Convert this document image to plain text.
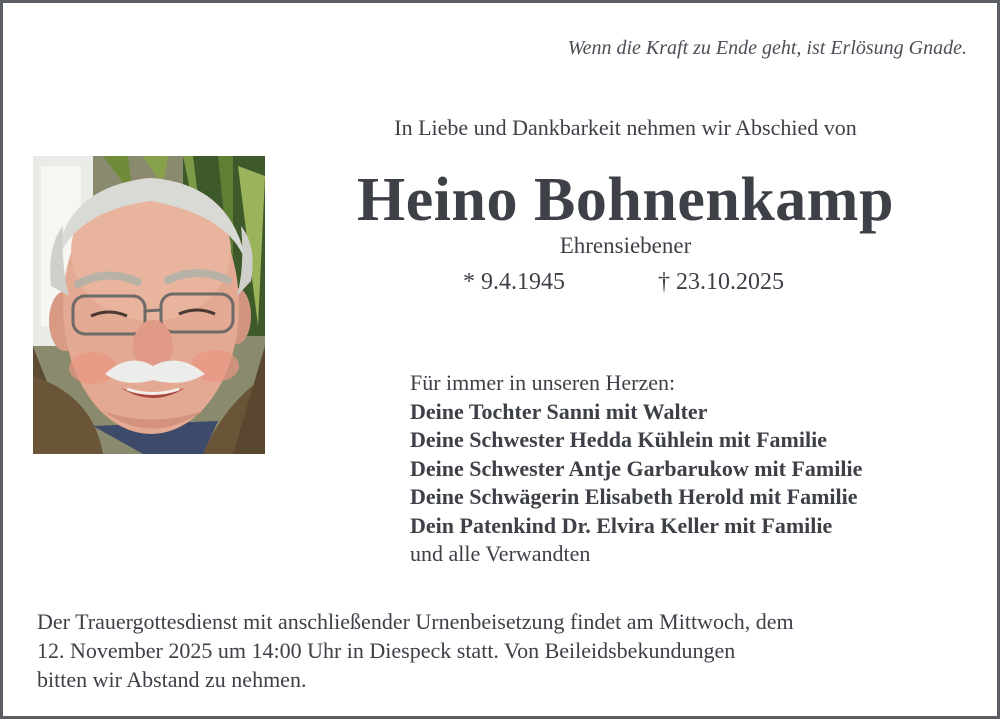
Wenn die Kraft zu Ende geht, ist Erlösung Gnade.
In Liebe und Dankbarkeit nehmen wir Abschied von
Heino Bohnenkamp
Ehrensiebener
* 9.4.1945	† 23.10.2025
Für immer in unseren Herzen:
Deine Tochter Sanni mit Walter
Deine Schwester Hedda Kühlein mit Familie
Deine Schwester Antje Garbarukow mit Familie
Deine Schwägerin Elisabeth Herold mit Familie
Dein Patenkind Dr. Elvira Keller mit Familie
und alle Verwandten
Der Trauergottesdienst mit anschließender Urnenbeisetzung findet am Mittwoch, dem
12. November 2025 um 14:00 Uhr in Diespeck statt. Von Beileidsbekundungen
bitten wir Abstand zu nehmen.
